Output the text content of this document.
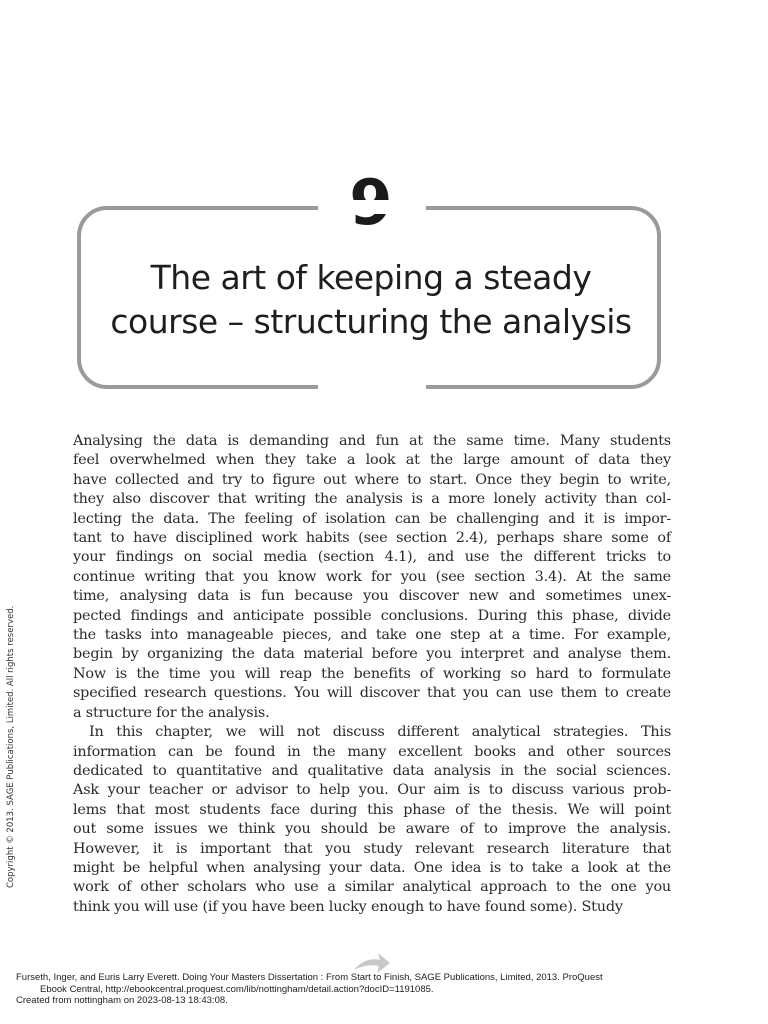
The art of keeping a steady
course – structuring the analysis

Analysing the data is demanding and fun at the same time. Many students
feel overwhelmed when they take a look at the large amount of data they
have collected and try to figure out where to start. Once they begin to write,
they also discover that writing the analysis is a more lonely activity than col-
lecting the data. The feeling of isolation can be challenging and it is impor-
tant to have disciplined work habits (see section 2.4), perhaps share some of
your findings on social media (section 4.1), and use the different tricks to
continue writing that you know work for you (see section 3.4). At the same
time, analysing data is fun because you discover new and sometimes unex-
pected findings and anticipate possible conclusions. During this phase, divide
the tasks into manageable pieces, and take one step at a time. For example,
begin by organizing the data material before you interpret and analyse them.
Now is the time you will reap the benefits of working so hard to formulate
specified research questions. You will discover that you can use them to create
a structure for the analysis.

In this chapter, we will not discuss different analytical strategies. This
information can be found in the many excellent books and other sources
dedicated to quantitative and qualitative data analysis in the social sciences.
Ask your teacher or advisor to help you. Our aim is to discuss various prob-
lems that most students face during this phase of the thesis. We will point
out some issues we think you should be aware of to improve the analysis.
However, it is important that you study relevant research literature that
might be helpful when analysing your data. One idea is to take a look at the
work of other scholars who use a similar analytical approach to the one you
think you will use (if you have been lucky enough to have found some). Study

Copyright © 2013. SAGE Publications, Limited. All rights reserved.
Furseth, Inger, and Euris Larry Everett. Doing Your Masters Dissertation : From Start to Finish, SAGE Publications, Limited, 2013. ProQuest
Ebook Central, http://ebookcentral.proquest.com/lib/nottingham/detail.action?docID=1191085.
Created from nottingham on 2023-08-13 18:43:08.
